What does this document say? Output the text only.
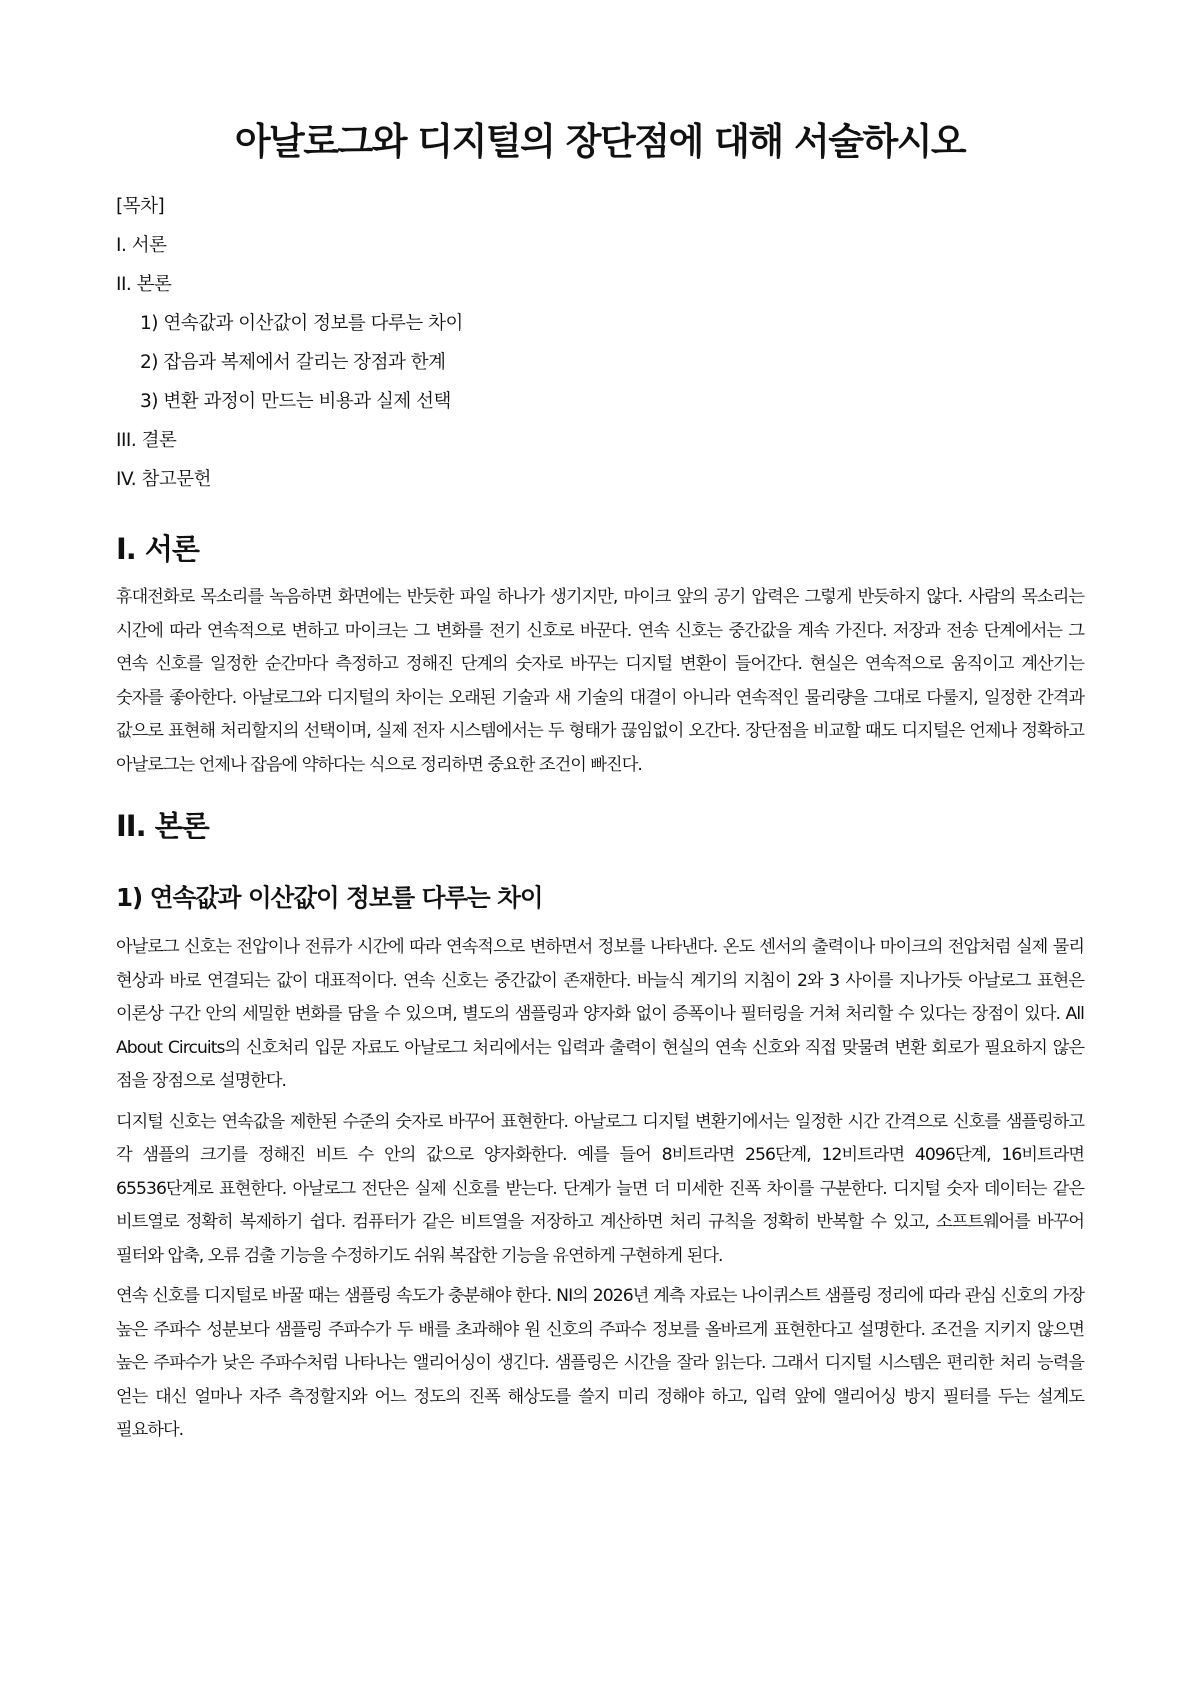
아날로그와 디지털의 장단점에 대해 서술하시오
[목차]
I. 서론
II. 본론
1) 연속값과 이산값이 정보를 다루는 차이
2) 잡음과 복제에서 갈리는 장점과 한계
3) 변환 과정이 만드는 비용과 실제 선택
III. 결론
IV. 참고문헌
I. 서론

휴대전화로 목소리를 녹음하면 화면에는 반듯한 파일 하나가 생기지만, 마이크 앞의 공기 압력은 그렇게 반듯하지 않다. 사람의 목소리는 시간에 따라 연속적으로 변하고 마이크는 그 변화를 전기 신호로 바꾼다. 연속 신호는 중간값을 계속 가진다. 저장과 전송 단계에서는 그 연속 신호를 일정한 순간마다 측정하고 정해진 단계의 숫자로 바꾸는 디지털 변환이 들어간다. 현실은 연속적으로 움직이고 계산기는 숫자를 좋아한다. 아날로그와 디지털의 차이는 오래된 기술과 새 기술의 대결이 아니라 연속적인 물리량을 그대로 다룰지, 일정한 간격과 값으로 표현해 처리할지의 선택이며, 실제 전자 시스템에서는 두 형태가 끊임없이 오간다. 장단점을 비교할 때도 디지털은 언제나 정확하고 아날로그는 언제나 잡음에 약하다는 식으로 정리하면 중요한 조건이 빠진다.

II. 본론
1) 연속값과 이산값이 정보를 다루는 차이

아날로그 신호는 전압이나 전류가 시간에 따라 연속적으로 변하면서 정보를 나타낸다. 온도 센서의 출력이나 마이크의 전압처럼 실제 물리 현상과 바로 연결되는 값이 대표적이다. 연속 신호는 중간값이 존재한다. 바늘식 계기의 지침이 2와 3 사이를 지나가듯 아날로그 표현은 이론상 구간 안의 세밀한 변화를 담을 수 있으며, 별도의 샘플링과 양자화 없이 증폭이나 필터링을 거쳐 처리할 수 있다는 장점이 있다. All About Circuits의 신호처리 입문 자료도 아날로그 처리에서는 입력과 출력이 현실의 연속 신호와 직접 맞물려 변환 회로가 필요하지 않은 점을 장점으로 설명한다.

디지털 신호는 연속값을 제한된 수준의 숫자로 바꾸어 표현한다. 아날로그 디지털 변환기에서는 일정한 시간 간격으로 신호를 샘플링하고 각 샘플의 크기를 정해진 비트 수 안의 값으로 양자화한다. 예를 들어 8비트라면 256단계, 12비트라면 4096단계, 16비트라면 65536단계로 표현한다. 아날로그 전단은 실제 신호를 받는다. 단계가 늘면 더 미세한 진폭 차이를 구분한다. 디지털 숫자 데이터는 같은 비트열로 정확히 복제하기 쉽다. 컴퓨터가 같은 비트열을 저장하고 계산하면 처리 규칙을 정확히 반복할 수 있고, 소프트웨어를 바꾸어 필터와 압축, 오류 검출 기능을 수정하기도 쉬워 복잡한 기능을 유연하게 구현하게 된다.

연속 신호를 디지털로 바꿀 때는 샘플링 속도가 충분해야 한다. NI의 2026년 계측 자료는 나이퀴스트 샘플링 정리에 따라 관심 신호의 가장 높은 주파수 성분보다 샘플링 주파수가 두 배를 초과해야 원 신호의 주파수 정보를 올바르게 표현한다고 설명한다. 조건을 지키지 않으면 높은 주파수가 낮은 주파수처럼 나타나는 앨리어싱이 생긴다. 샘플링은 시간을 잘라 읽는다. 그래서 디지털 시스템은 편리한 처리 능력을 얻는 대신 얼마나 자주 측정할지와 어느 정도의 진폭 해상도를 쓸지 미리 정해야 하고, 입력 앞에 앨리어싱 방지 필터를 두는 설계도 필요하다.
